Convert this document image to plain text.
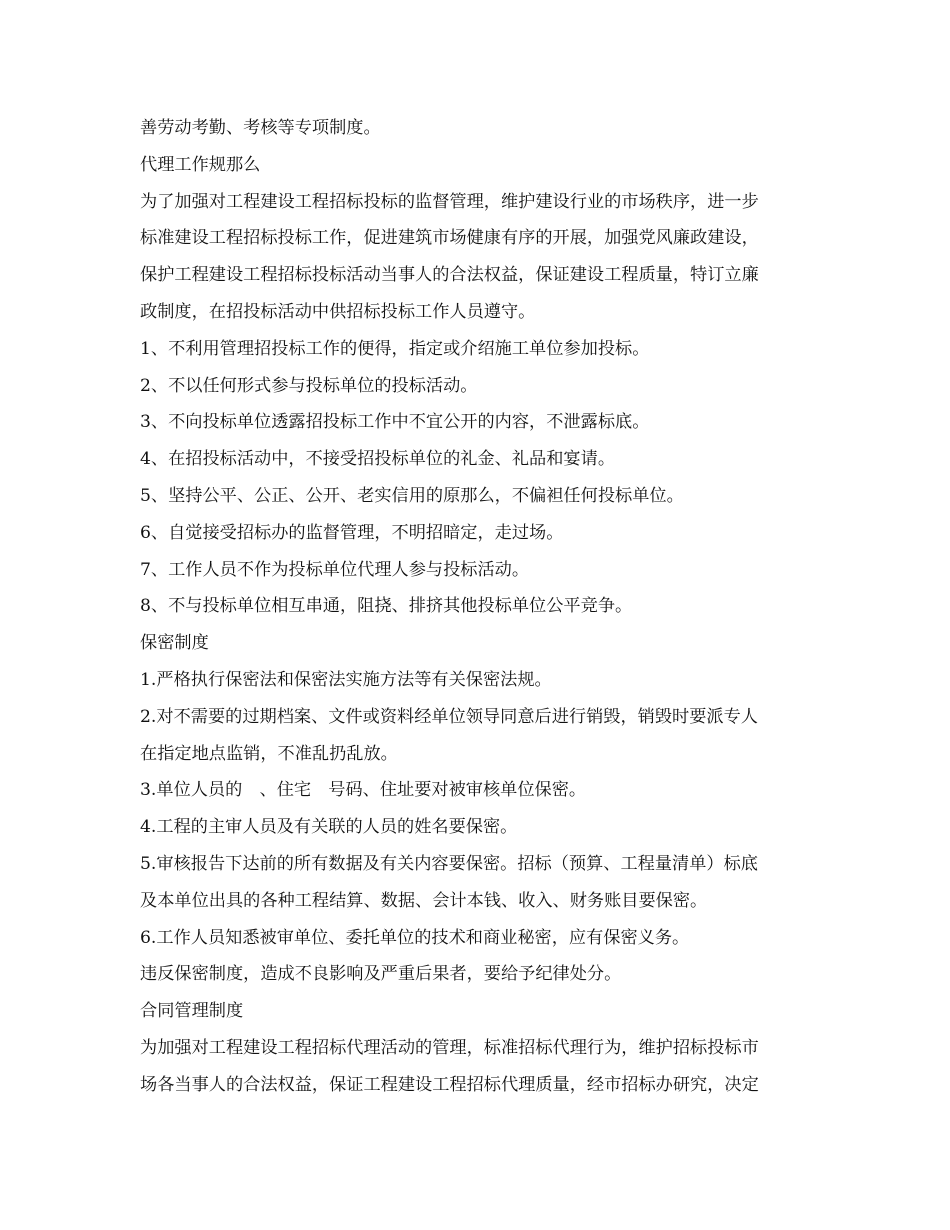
善劳动考勤、考核等专项制度。
代理工作规那么
为了加强对工程建设工程招标投标的监督管理，维护建设行业的市场秩序，进一步
标准建设工程招标投标工作，促进建筑市场健康有序的开展，加强党风廉政建设，
保护工程建设工程招标投标活动当事人的合法权益，保证建设工程质量，特订立廉
政制度，在招投标活动中供招标投标工作人员遵守。
1、不利用管理招投标工作的便得，指定或介绍施工单位参加投标。
2、不以任何形式参与投标单位的投标活动。
3、不向投标单位透露招投标工作中不宜公开的内容，不泄露标底。
4、在招投标活动中，不接受招投标单位的礼金、礼品和宴请。
5、坚持公平、公正、公开、老实信用的原那么，不偏袒任何投标单位。
6、自觉接受招标办的监督管理，不明招暗定，走过场。
7、工作人员不作为投标单位代理人参与投标活动。
8、不与投标单位相互串通，阻挠、排挤其他投标单位公平竞争。
保密制度
1.严格执行保密法和保密法实施方法等有关保密法规。
2.对不需要的过期档案、文件或资料经单位领导同意后进行销毁，销毁时要派专人
在指定地点监销，不准乱扔乱放。
3.单位人员的　、住宅　号码、住址要对被审核单位保密。
4.工程的主审人员及有关联的人员的姓名要保密。
5.审核报告下达前的所有数据及有关内容要保密。招标（预算、工程量清单）标底
及本单位出具的各种工程结算、数据、会计本钱、收入、财务账目要保密。
6.工作人员知悉被审单位、委托单位的技术和商业秘密，应有保密义务。
违反保密制度，造成不良影响及严重后果者，要给予纪律处分。
合同管理制度
为加强对工程建设工程招标代理活动的管理，标准招标代理行为，维护招标投标市
场各当事人的合法权益，保证工程建设工程招标代理质量，经市招标办研究，决定
